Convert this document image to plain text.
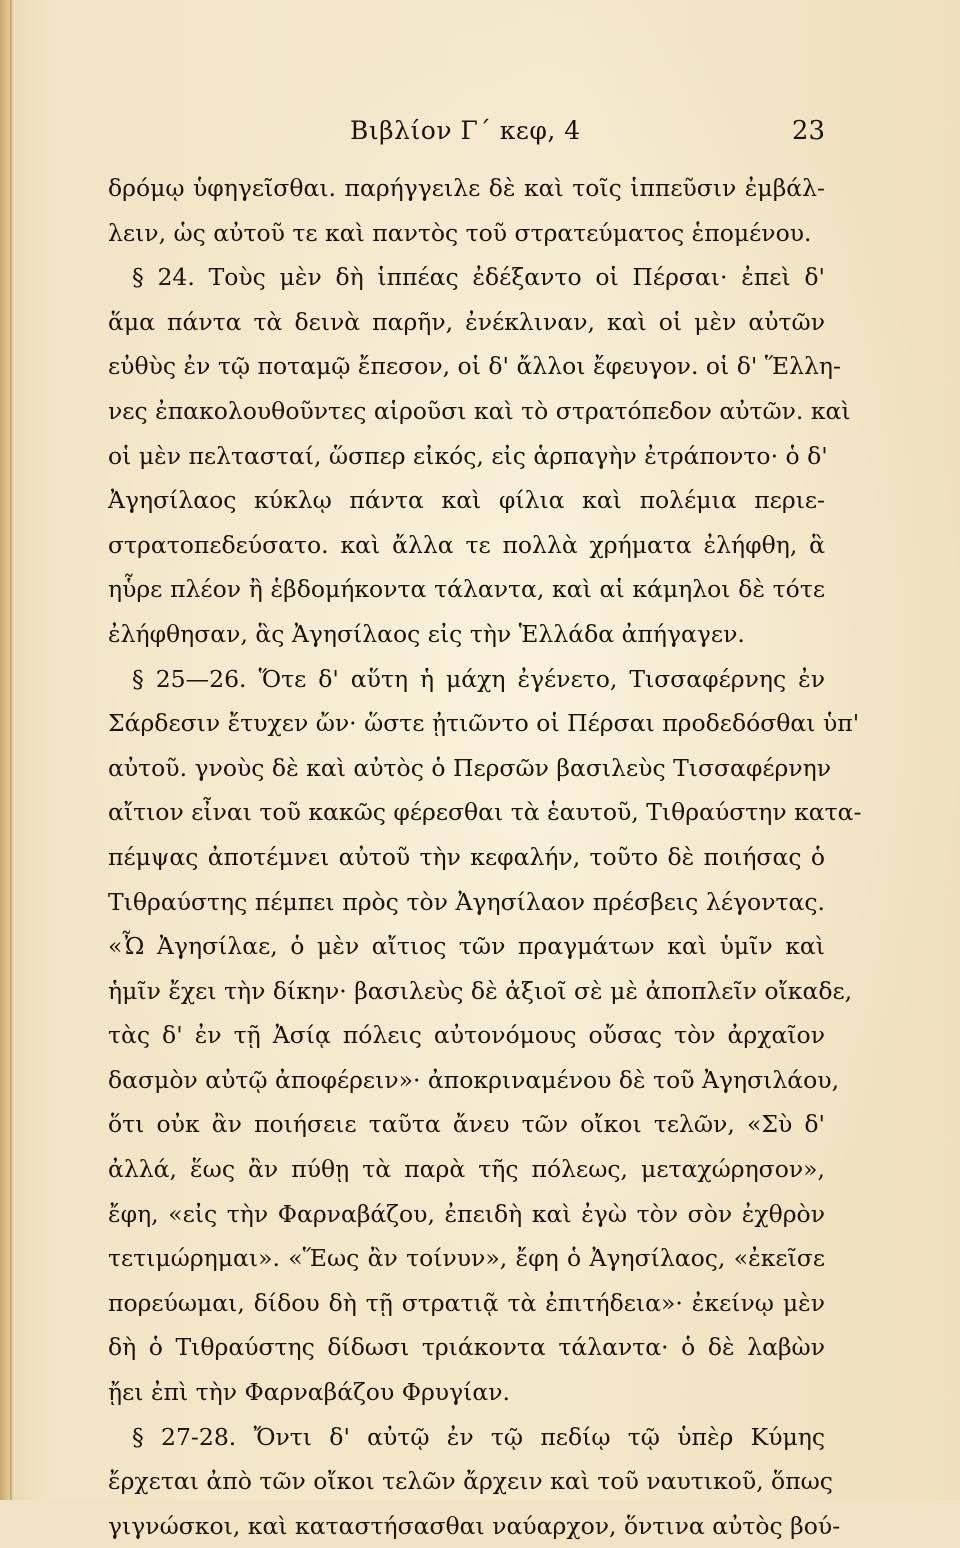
Βιβλίον Γ΄ κεφ, 4	23
δρόμῳ ὑφηγεῖσθαι. παρήγγειλε δὲ καὶ τοῖς ἱππεῦσιν ἐμβάλ-
λειν, ὡς αὐτοῦ τε καὶ παντὸς τοῦ στρατεύματος ἑπομένου.
§ 24. Τοὺς μὲν δὴ ἱππέας ἐδέξαντο οἱ Πέρσαι· ἐπεὶ δ'
ἅμα πάντα τὰ δεινὰ παρῆν, ἐνέκλιναν, καὶ οἱ μὲν αὐτῶν
εὐθὺς ἐν τῷ ποταμῷ ἔπεσον, οἱ δ' ἄλλοι ἔφευγον. οἱ δ' Ἕλλη-
νες ἐπακολουθοῦντες αἱροῦσι καὶ τὸ στρατόπεδον αὐτῶν. καὶ
οἱ μὲν πελτασταί, ὥσπερ εἰκός, εἰς ἁρπαγὴν ἐτράποντο· ὁ δ'
Ἀγησίλαος κύκλῳ πάντα καὶ φίλια καὶ πολέμια περιε-
στρατοπεδεύσατο. καὶ ἄλλα τε πολλὰ χρήματα ἐλήφθη, ἃ
ηὗρε πλέον ἢ ἑβδομήκοντα τάλαντα, καὶ αἱ κάμηλοι δὲ τότε
ἐλήφθησαν, ἃς Ἀγησίλαος εἰς τὴν Ἑλλάδα ἀπήγαγεν.
§ 25—26. Ὅτε δ' αὕτη ἡ μάχη ἐγένετο, Τισσαφέρνης ἐν
Σάρδεσιν ἔτυχεν ὤν· ὥστε ᾐτιῶντο οἱ Πέρσαι προδεδόσθαι ὑπ'
αὐτοῦ. γνοὺς δὲ καὶ αὐτὸς ὁ Περσῶν βασιλεὺς Τισσαφέρνην
αἴτιον εἶναι τοῦ κακῶς φέρεσθαι τὰ ἑαυτοῦ, Τιθραύστην κατα-
πέμψας ἀποτέμνει αὐτοῦ τὴν κεφαλήν, τοῦτο δὲ ποιήσας ὁ
Τιθραύστης πέμπει πρὸς τὸν Ἀγησίλαον πρέσβεις λέγοντας.
«Ὦ Ἀγησίλαε, ὁ μὲν αἴτιος τῶν πραγμάτων καὶ ὑμῖν καὶ
ἡμῖν ἔχει τὴν δίκην· βασιλεὺς δὲ ἀξιοῖ σὲ μὲ ἀποπλεῖν οἴκαδε,
τὰς δ' ἐν τῇ Ἀσίᾳ πόλεις αὐτονόμους οὔσας τὸν ἀρχαῖον
δασμὸν αὐτῷ ἀποφέρειν»· ἀποκριναμένου δὲ τοῦ Ἀγησιλάου,
ὅτι οὐκ ἂν ποιήσειε ταῦτα ἄνευ τῶν οἴκοι τελῶν, «Σὺ δ'
ἀλλά, ἕως ἂν πύθῃ τὰ παρὰ τῆς πόλεως, μεταχώρησον»,
ἔφη, «εἰς τὴν Φαρναβάζου, ἐπειδὴ καὶ ἐγὼ τὸν σὸν ἐχθρὸν
τετιμώρημαι». «Ἕως ἂν τοίνυν», ἔφη ὁ Ἀγησίλαος, «ἐκεῖσε
πορεύωμαι, δίδου δὴ τῇ στρατιᾷ τὰ ἐπιτήδεια»· ἐκείνῳ μὲν
δὴ ὁ Τιθραύστης δίδωσι τριάκοντα τάλαντα· ὁ δὲ λαβὼν
ᾔει ἐπὶ τὴν Φαρναβάζου Φρυγίαν.
§ 27-28. Ὄντι δ' αὐτῷ ἐν τῷ πεδίῳ τῷ ὑπὲρ Κύμης
ἔρχεται ἀπὸ τῶν οἴκοι τελῶν ἄρχειν καὶ τοῦ ναυτικοῦ, ὅπως
γιγνώσκοι, καὶ καταστήσασθαι ναύαρχον, ὅντινα αὐτὸς βού-
